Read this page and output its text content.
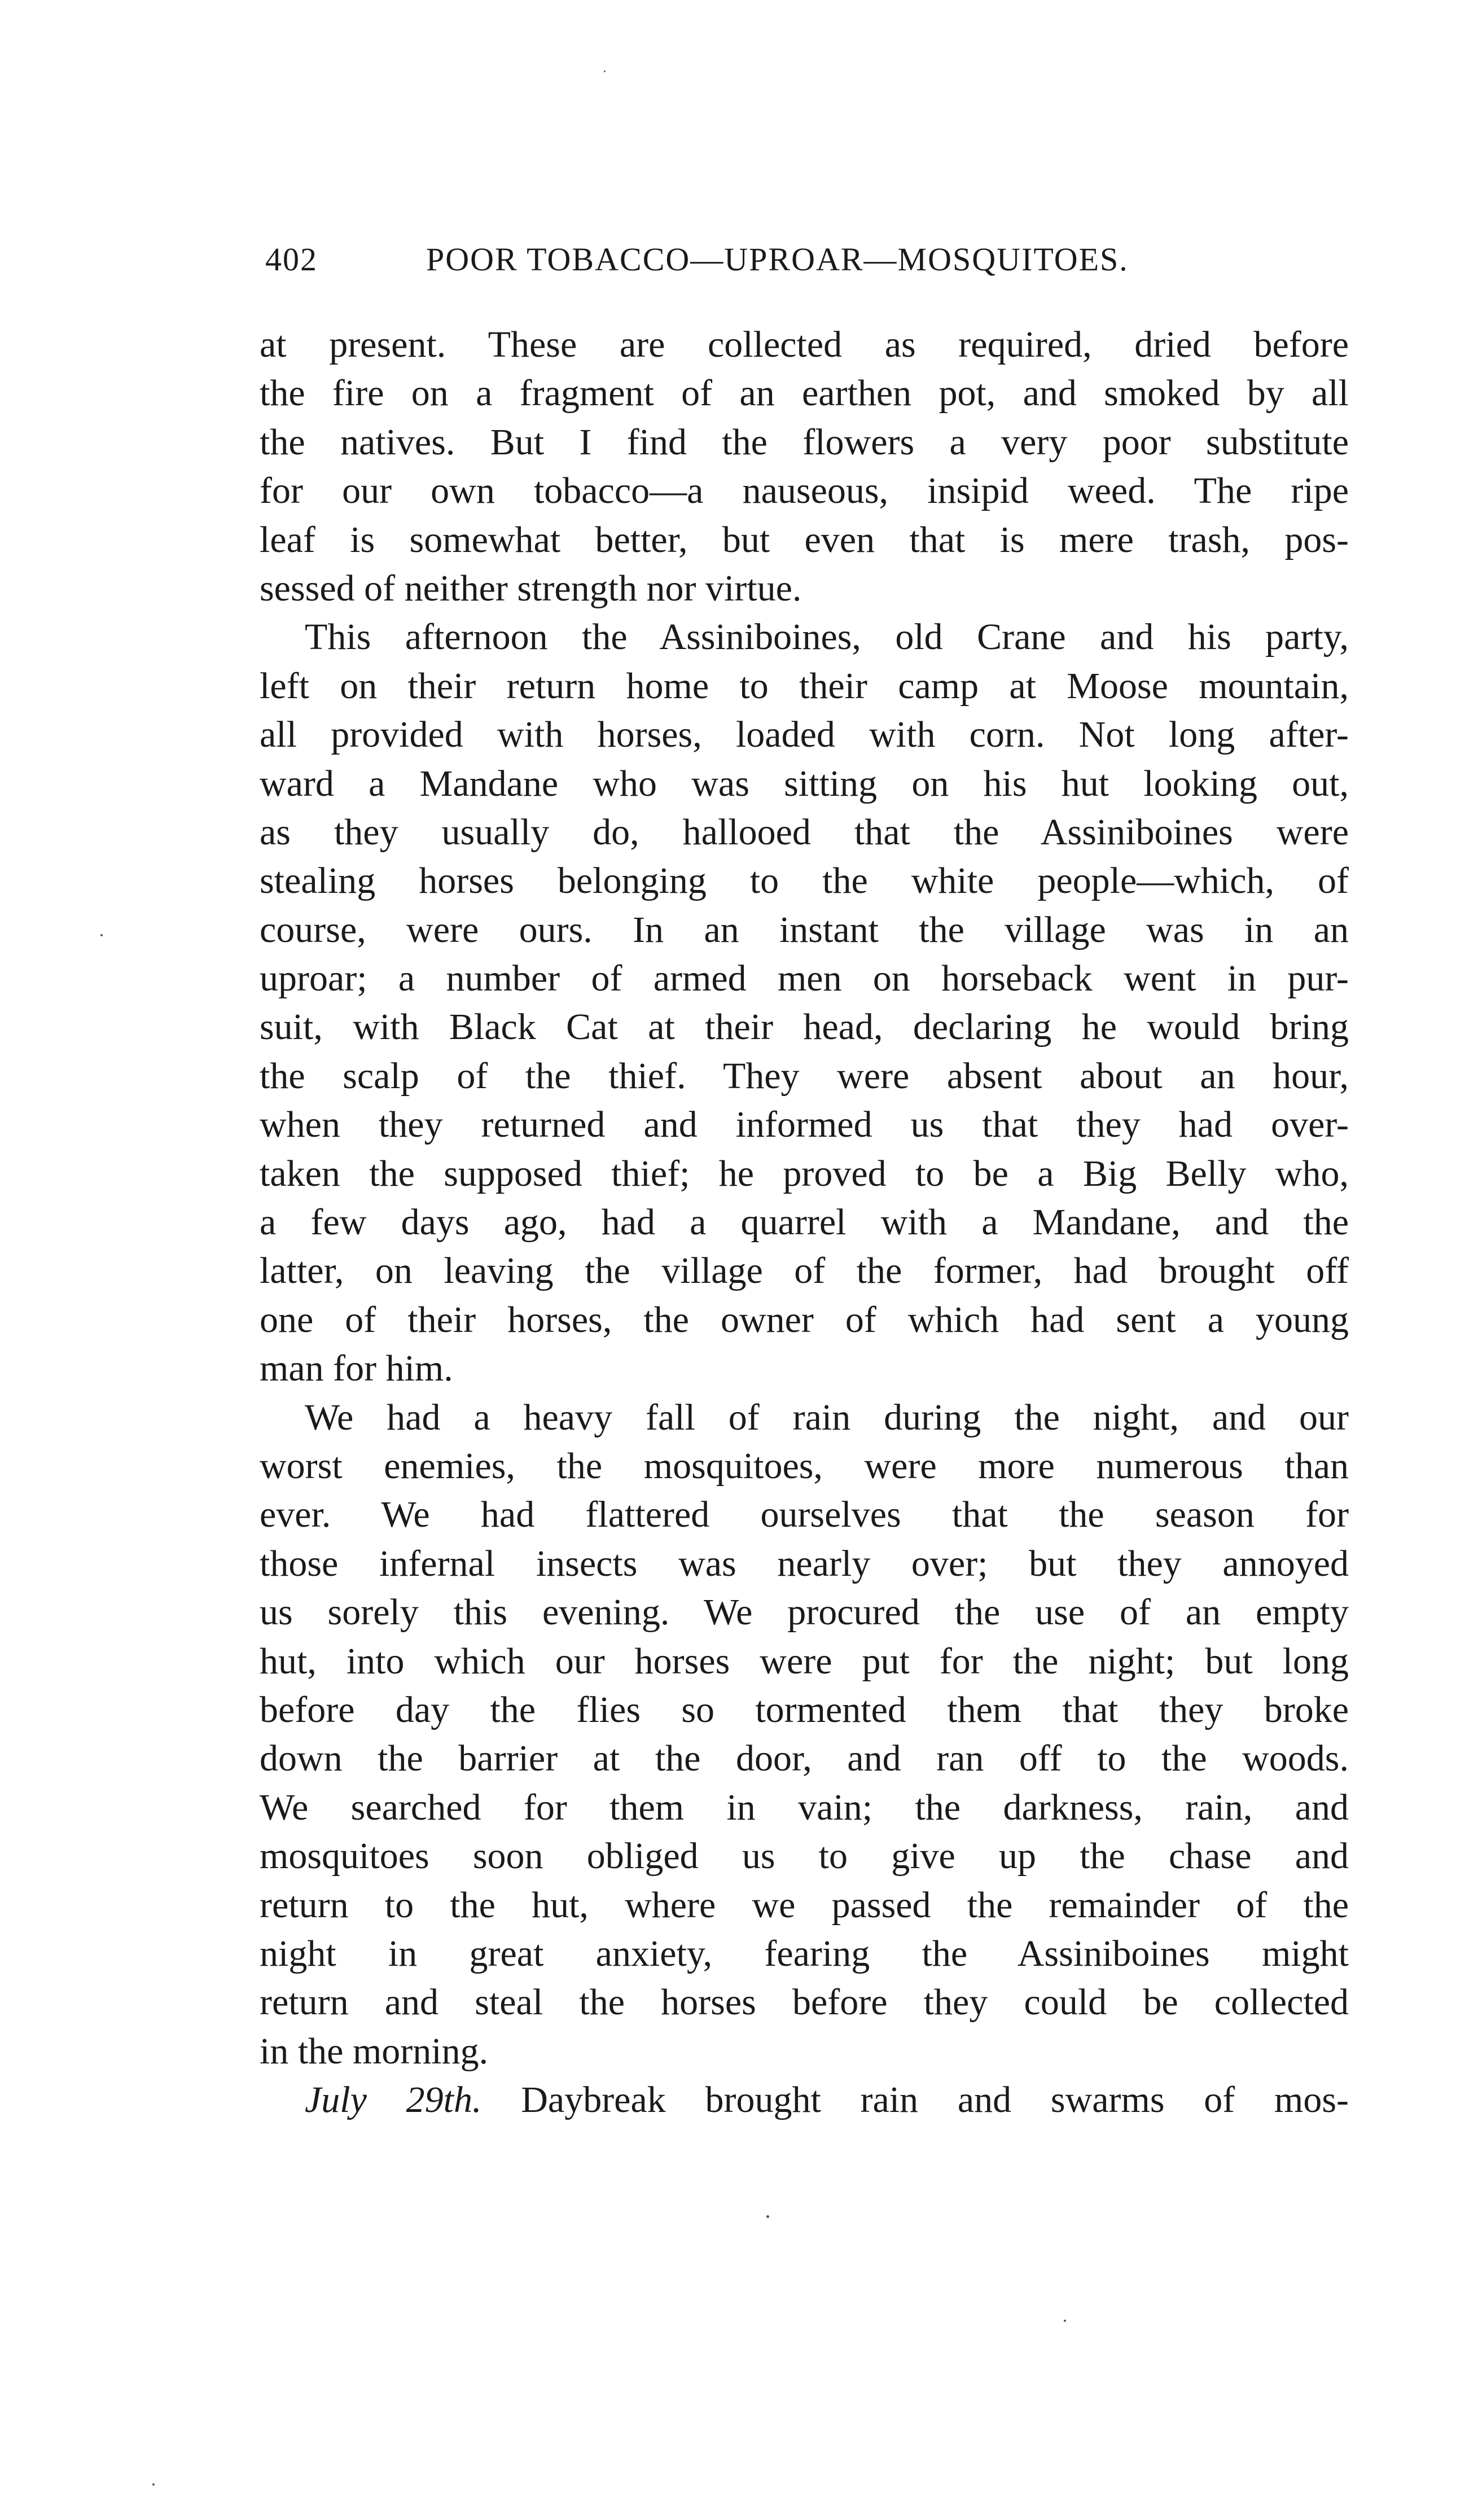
402	POOR TOBACCO—UPROAR—MOSQUITOES.
at present. These are collected as required, dried before
the fire on a fragment of an earthen pot, and smoked by all
the natives. But I find the flowers a very poor substitute
for our own tobacco—a nauseous, insipid weed. The ripe
leaf is somewhat better, but even that is mere trash, pos-
sessed of neither strength nor virtue.
This afternoon the Assiniboines, old Crane and his party,
left on their return home to their camp at Moose mountain,
all provided with horses, loaded with corn. Not long after-
ward a Mandane who was sitting on his hut looking out,
as they usually do, hallooed that the Assiniboines were
stealing horses belonging to the white people—which, of
course, were ours. In an instant the village was in an
uproar; a number of armed men on horseback went in pur-
suit, with Black Cat at their head, declaring he would bring
the scalp of the thief. They were absent about an hour,
when they returned and informed us that they had over-
taken the supposed thief; he proved to be a Big Belly who,
a few days ago, had a quarrel with a Mandane, and the
latter, on leaving the village of the former, had brought off
one of their horses, the owner of which had sent a young
man for him.
We had a heavy fall of rain during the night, and our
worst enemies, the mosquitoes, were more numerous than
ever. We had flattered ourselves that the season for
those infernal insects was nearly over; but they annoyed
us sorely this evening. We procured the use of an empty
hut, into which our horses were put for the night; but long
before day the flies so tormented them that they broke
down the barrier at the door, and ran off to the woods.
We searched for them in vain; the darkness, rain, and
mosquitoes soon obliged us to give up the chase and
return to the hut, where we passed the remainder of the
night in great anxiety, fearing the Assiniboines might
return and steal the horses before they could be collected
in the morning.
July 29th. Daybreak brought rain and swarms of mos-
